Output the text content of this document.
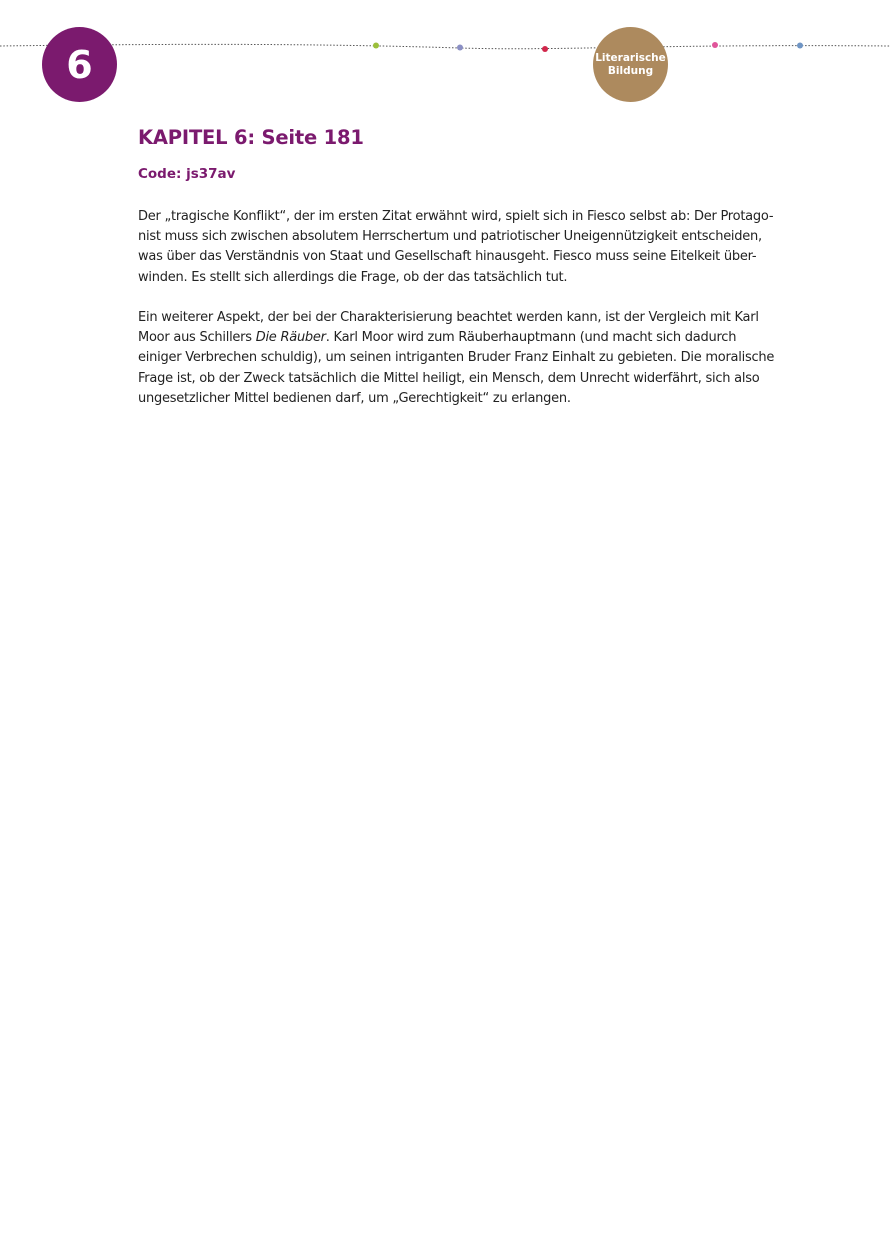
6	Literarische
Bildung
KAPITEL 6: Seite 181

Code: js37av

Der „tragische Konflikt“, der im ersten Zitat erwähnt wird, spielt sich in Fiesco selbst ab: Der Protago-
nist muss sich zwischen absolutem Herrschertum und patriotischer Uneigennützigkeit entscheiden,
was über das Verständnis von Staat und Gesellschaft hinausgeht. Fiesco muss seine Eitelkeit über-
winden. Es stellt sich allerdings die Frage, ob der das tatsächlich tut.

Ein weiterer Aspekt, der bei der Charakterisierung beachtet werden kann, ist der Vergleich mit Karl
Moor aus Schillers Die Räuber. Karl Moor wird zum Räuberhauptmann (und macht sich dadurch
einiger Verbrechen schuldig), um seinen intriganten Bruder Franz Einhalt zu gebieten. Die moralische
Frage ist, ob der Zweck tatsächlich die Mittel heiligt, ein Mensch, dem Unrecht widerfährt, sich also
ungesetzlicher Mittel bedienen darf, um „Gerechtigkeit“ zu erlangen.
